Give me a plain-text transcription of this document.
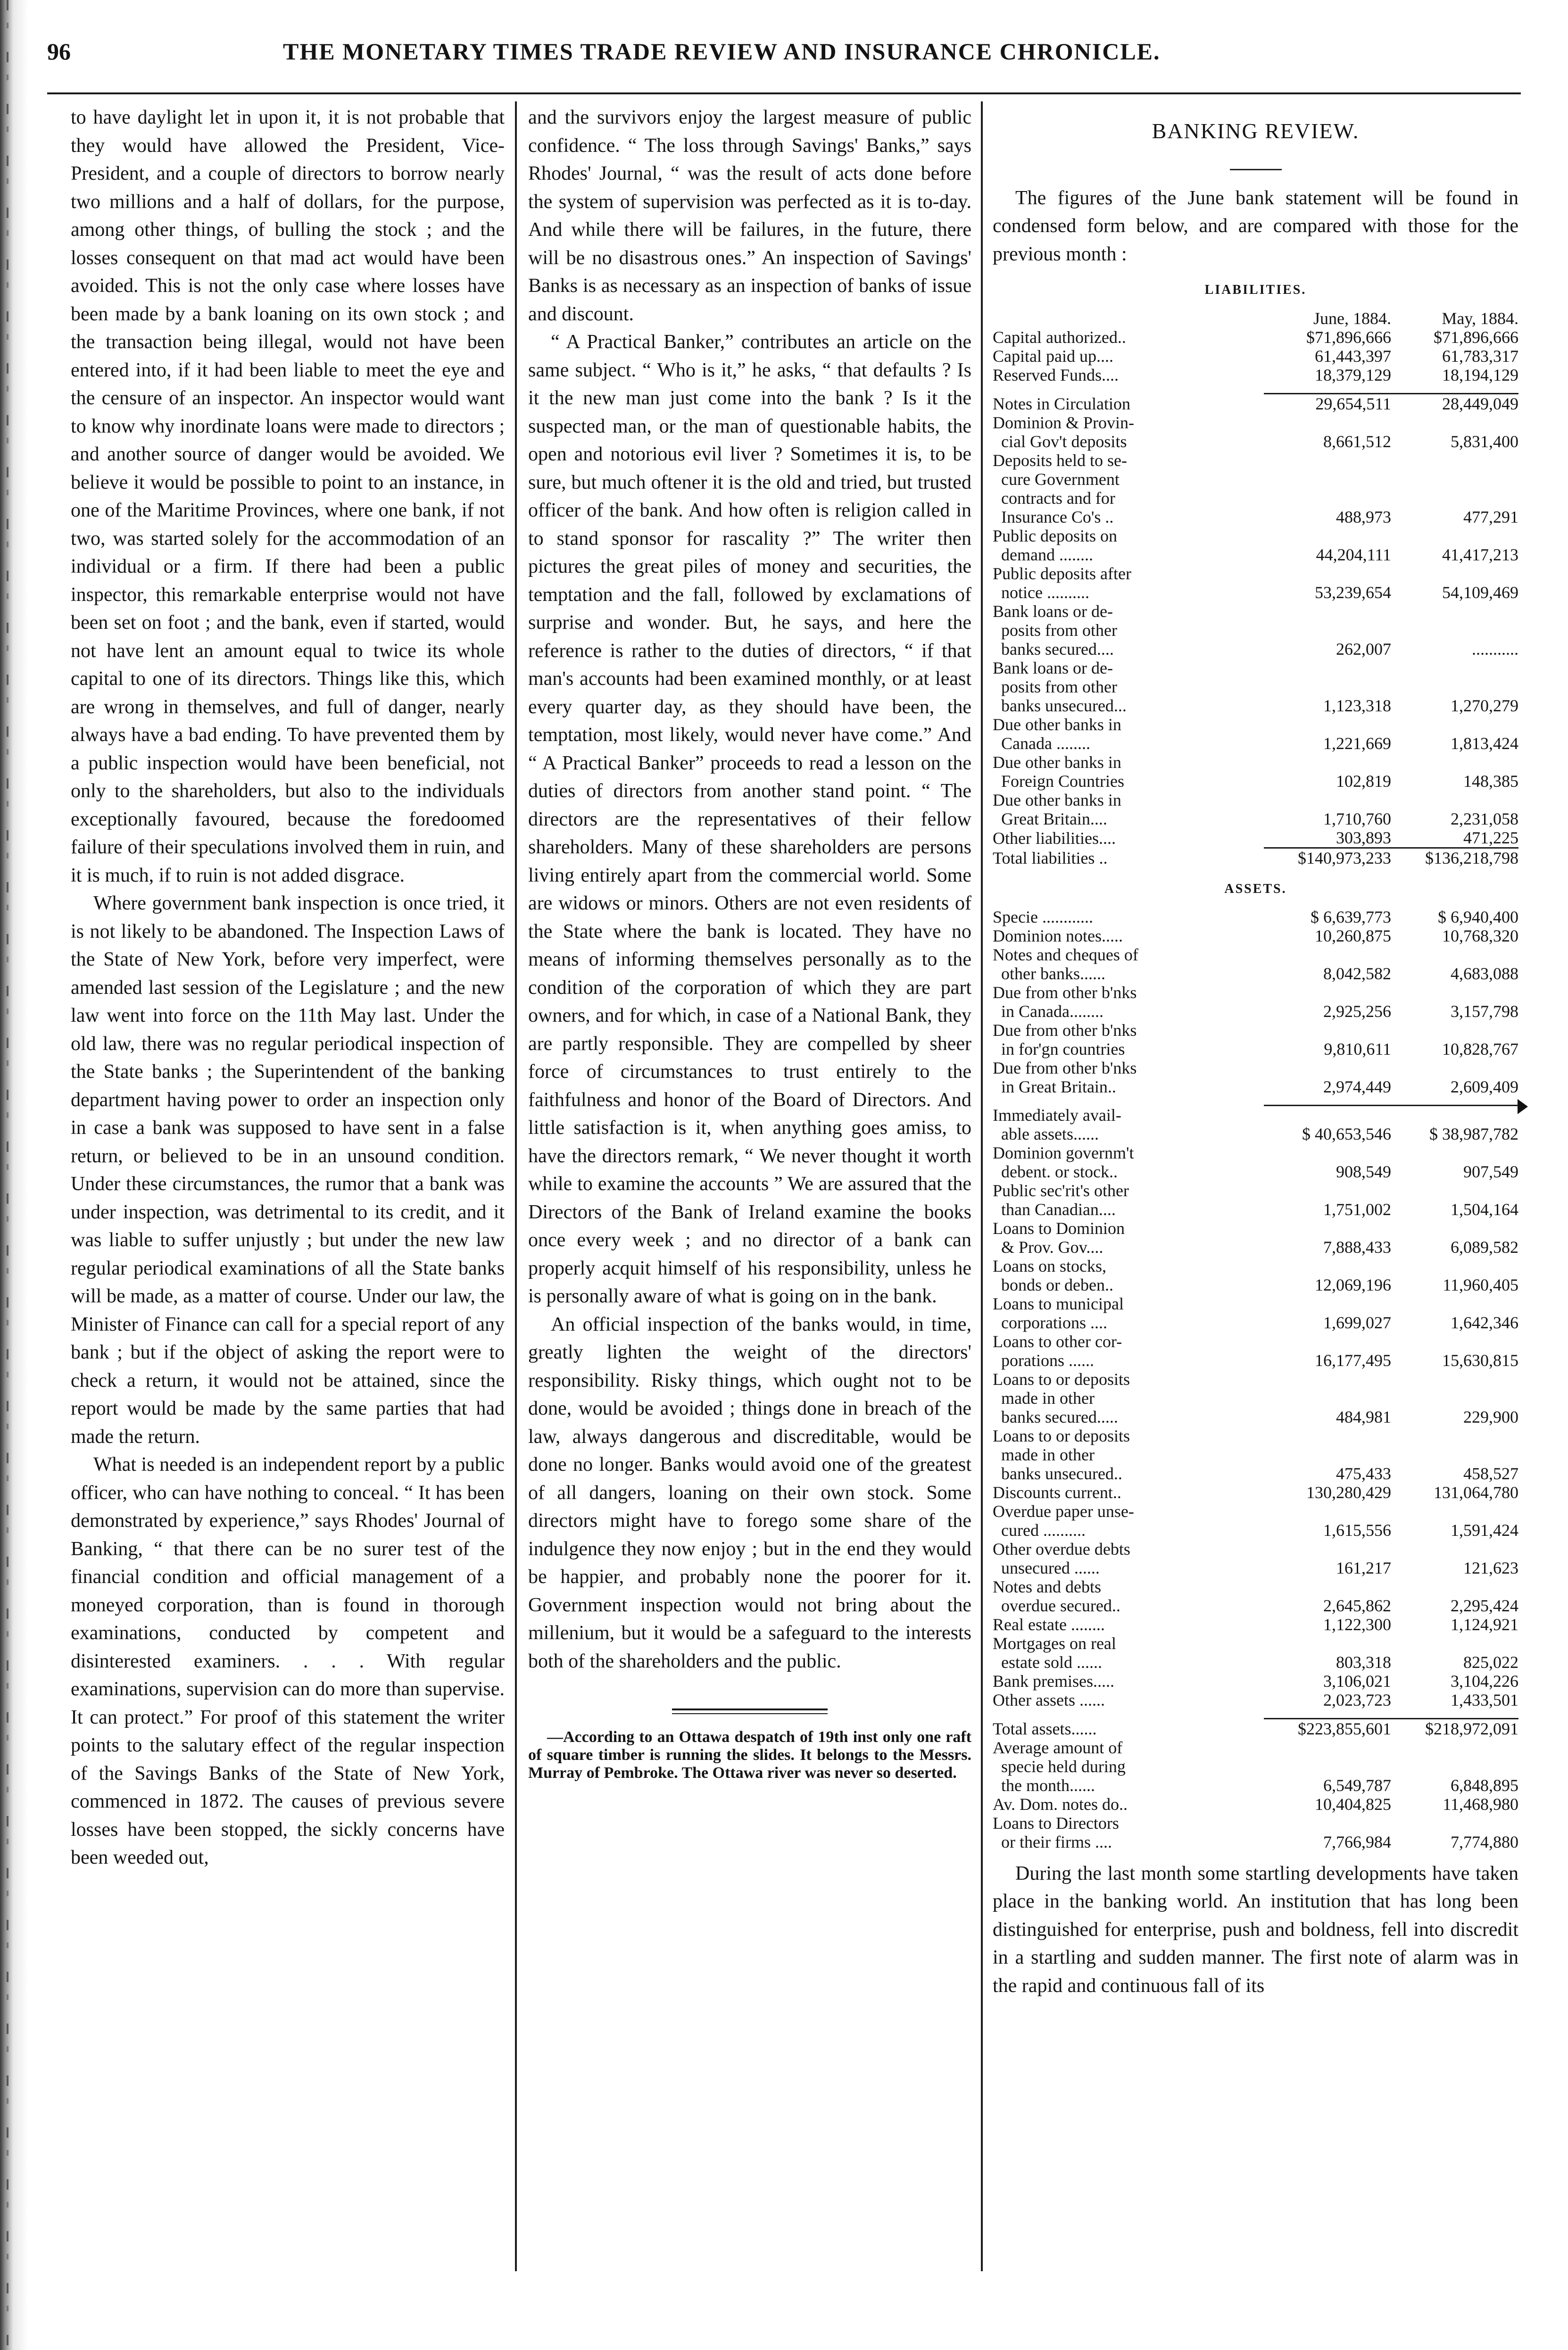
96	THE MONETARY TIMES TRADE REVIEW AND INSURANCE CHRONICLE.

to have daylight let in upon it, it is not probable that they would have allowed the President, Vice-President, and a couple of directors to borrow nearly two millions and a half of dollars, for the purpose, among other things, of bulling the stock ; and the losses consequent on that mad act would have been avoided. This is not the only case where losses have been made by a bank loaning on its own stock ; and the transaction being illegal, would not have been entered into, if it had been liable to meet the eye and the censure of an inspector. An inspector would want to know why inordinate loans were made to directors ; and another source of danger would be avoided. We believe it would be possible to point to an instance, in one of the Maritime Provinces, where one bank, if not two, was started solely for the accommodation of an individual or a firm. If there had been a public inspector, this remarkable enterprise would not have been set on foot ; and the bank, even if started, would not have lent an amount equal to twice its whole capital to one of its directors. Things like this, which are wrong in themselves, and full of danger, nearly always have a bad ending. To have prevented them by a public inspection would have been beneficial, not only to the shareholders, but also to the individuals exceptionally favoured, because the foredoomed failure of their speculations involved them in ruin, and it is much, if to ruin is not added disgrace.

Where government bank inspection is once tried, it is not likely to be abandoned. The Inspection Laws of the State of New York, before very imperfect, were amended last session of the Legislature ; and the new law went into force on the 11th May last. Under the old law, there was no regular periodical inspection of the State banks ; the Superintendent of the banking department having power to order an inspection only in case a bank was supposed to have sent in a false return, or believed to be in an unsound condition. Under these circumstances, the rumor that a bank was under inspection, was detrimental to its credit, and it was liable to suffer unjustly ; but under the new law regular periodical examinations of all the State banks will be made, as a matter of course. Under our law, the Minister of Finance can call for a special report of any bank ; but if the object of asking the report were to check a return, it would not be attained, since the report would be made by the same parties that had made the return.

What is needed is an independent report by a public officer, who can have nothing to conceal. “ It has been demonstrated by experience,” says Rhodes' Journal of Banking, “ that there can be no surer test of the financial condition and official management of a moneyed corporation, than is found in thorough examinations, conducted by competent and disinterested examiners. . . . With regular examinations, supervision can do more than supervise. It can protect.” For proof of this statement the writer points to the salutary effect of the regular inspection of the Savings Banks of the State of New York, commenced in 1872. The causes of previous severe losses have been stopped, the sickly concerns have been weeded out,

and the survivors enjoy the largest measure of public confidence. “ The loss through Savings' Banks,” says Rhodes' Journal, “ was the result of acts done before the system of supervision was perfected as it is to-day. And while there will be failures, in the future, there will be no disastrous ones.” An inspection of Savings' Banks is as necessary as an inspection of banks of issue and discount.

“ A Practical Banker,” contributes an article on the same subject. “ Who is it,” he asks, “ that defaults ? Is it the new man just come into the bank ? Is it the suspected man, or the man of questionable habits, the open and notorious evil liver ? Sometimes it is, to be sure, but much oftener it is the old and tried, but trusted officer of the bank. And how often is religion called in to stand sponsor for rascality ?” The writer then pictures the great piles of money and securities, the temptation and the fall, followed by exclamations of surprise and wonder. But, he says, and here the reference is rather to the duties of directors, “ if that man's accounts had been examined monthly, or at least every quarter day, as they should have been, the temptation, most likely, would never have come.” And “ A Practical Banker” proceeds to read a lesson on the duties of directors from another stand point. “ The directors are the representatives of their fellow shareholders. Many of these shareholders are persons living entirely apart from the commercial world. Some are widows or minors. Others are not even residents of the State where the bank is located. They have no means of informing themselves personally as to the condition of the corporation of which they are part owners, and for which, in case of a National Bank, they are partly responsible. They are compelled by sheer force of circumstances to trust entirely to the faithfulness and honor of the Board of Directors. And little satisfaction is it, when anything goes amiss, to have the directors remark, “ We never thought it worth while to examine the accounts ” We are assured that the Directors of the Bank of Ireland examine the books once every week ; and no director of a bank can properly acquit himself of his responsibility, unless he is personally aware of what is going on in the bank.

An official inspection of the banks would, in time, greatly lighten the weight of the directors' responsibility. Risky things, which ought not to be done, would be avoided ; things done in breach of the law, always dangerous and discreditable, would be done no longer. Banks would avoid one of the greatest of all dangers, loaning on their own stock. Some directors might have to forego some share of the indulgence they now enjoy ; but in the end they would be happier, and probably none the poorer for it. Government inspection would not bring about the millenium, but it would be a safeguard to the interests both of the shareholders and the public.

—According to an Ottawa despatch of 19th inst only one raft of square timber is running the slides. It belongs to the Messrs. Murray of Pembroke. The Ottawa river was never so deserted.

BANKING REVIEW.

The figures of the June bank statement will be found in condensed form below, and are compared with those for the previous month :

LIABILITIES.
	June, 1884.	May, 1884.
Capital authorized..	$71,896,666	$71,896,666
Capital paid up....	61,443,397	61,783,317
Reserved Funds....	18,379,129	18,194,129

Notes in Circulation	29,654,511	28,449,049
Dominion & Provin-
cial Gov't deposits	8,661,512	5,831,400
Deposits held to se-
cure Government
contracts and for
Insurance Co's ..	488,973	477,291
Public deposits on
demand ........	44,204,111	41,417,213
Public deposits after
notice ..........	53,239,654	54,109,469
Bank loans or de-
posits from other
banks secured....	262,007	...........
Bank loans or de-
posits from other
banks unsecured...	1,123,318	1,270,279
Due other banks in
Canada ........	1,221,669	1,813,424
Due other banks in
Foreign Countries	102,819	148,385
Due other banks in
Great Britain....	1,710,760	2,231,058
Other liabilities....	303,893	471,225
Total liabilities ..	$140,973,233	$136,218,798
ASSETS.
Specie ............	$ 6,639,773	$ 6,940,400
Dominion notes.....	10,260,875	10,768,320
Notes and cheques of
other banks......	8,042,582	4,683,088
Due from other b'nks
in Canada........	2,925,256	3,157,798
Due from other b'nks
in for'gn countries	9,810,611	10,828,767
Due from other b'nks
in Great Britain..	2,974,449	2,609,409

Immediately avail-
able assets......	$ 40,653,546	$ 38,987,782
Dominion governm't
debent. or stock..	908,549	907,549
Public sec'rit's other
than Canadian....	1,751,002	1,504,164
Loans to Dominion
& Prov. Gov....	7,888,433	6,089,582
Loans on stocks,
bonds or deben..	12,069,196	11,960,405
Loans to municipal
corporations ....	1,699,027	1,642,346
Loans to other cor-
porations ......	16,177,495	15,630,815
Loans to or deposits
made in other
banks secured.....	484,981	229,900
Loans to or deposits
made in other
banks unsecured..	475,433	458,527
Discounts current..	130,280,429	131,064,780
Overdue paper unse-
cured ..........	1,615,556	1,591,424
Other overdue debts
unsecured ......	161,217	121,623
Notes and debts
overdue secured..	2,645,862	2,295,424
Real estate ........	1,122,300	1,124,921
Mortgages on real
estate sold ......	803,318	825,022
Bank premises.....	3,106,021	3,104,226
Other assets ......	2,023,723	1,433,501

Total assets......	$223,855,601	$218,972,091
Average amount of
specie held during
the month......	6,549,787	6,848,895
Av. Dom. notes do..	10,404,825	11,468,980
Loans to Directors
or their firms ....	7,766,984	7,774,880

During the last month some startling developments have taken place in the banking world. An institution that has long been distinguished for enterprise, push and boldness, fell into discredit in a startling and sudden manner. The first note of alarm was in the rapid and continuous fall of its
